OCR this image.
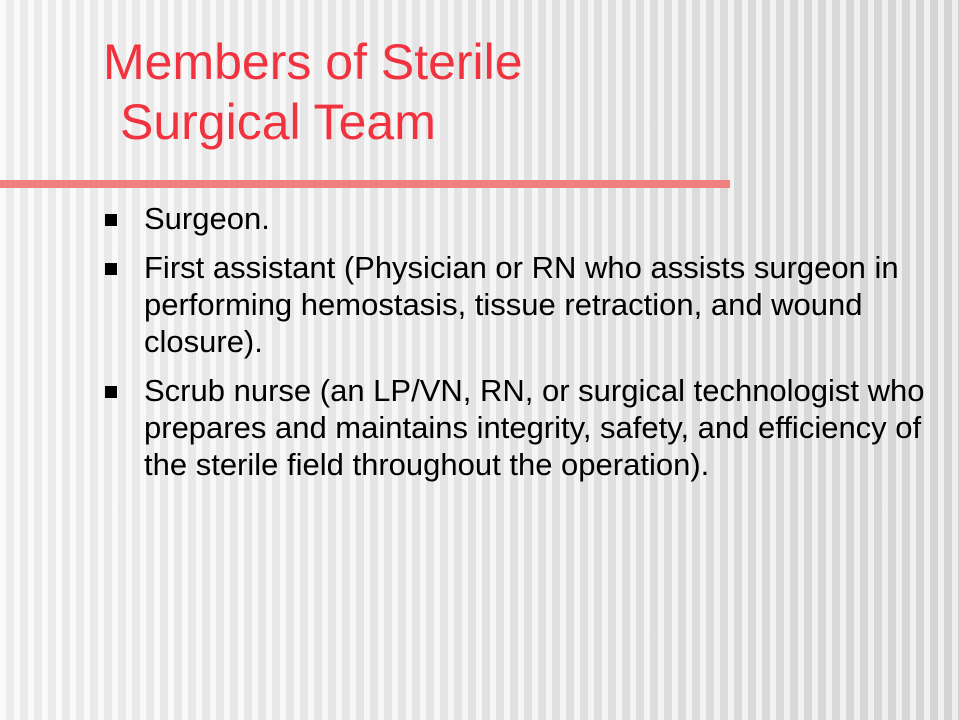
Members of Sterile
Surgical Team
Surgeon.
First assistant (Physician or RN who assists surgeon in performing hemostasis, tissue retraction, and wound closure).
Scrub nurse (an LP/VN, RN, or surgical technologist who prepares and maintains integrity, safety, and efficiency of the sterile field throughout the operation).
